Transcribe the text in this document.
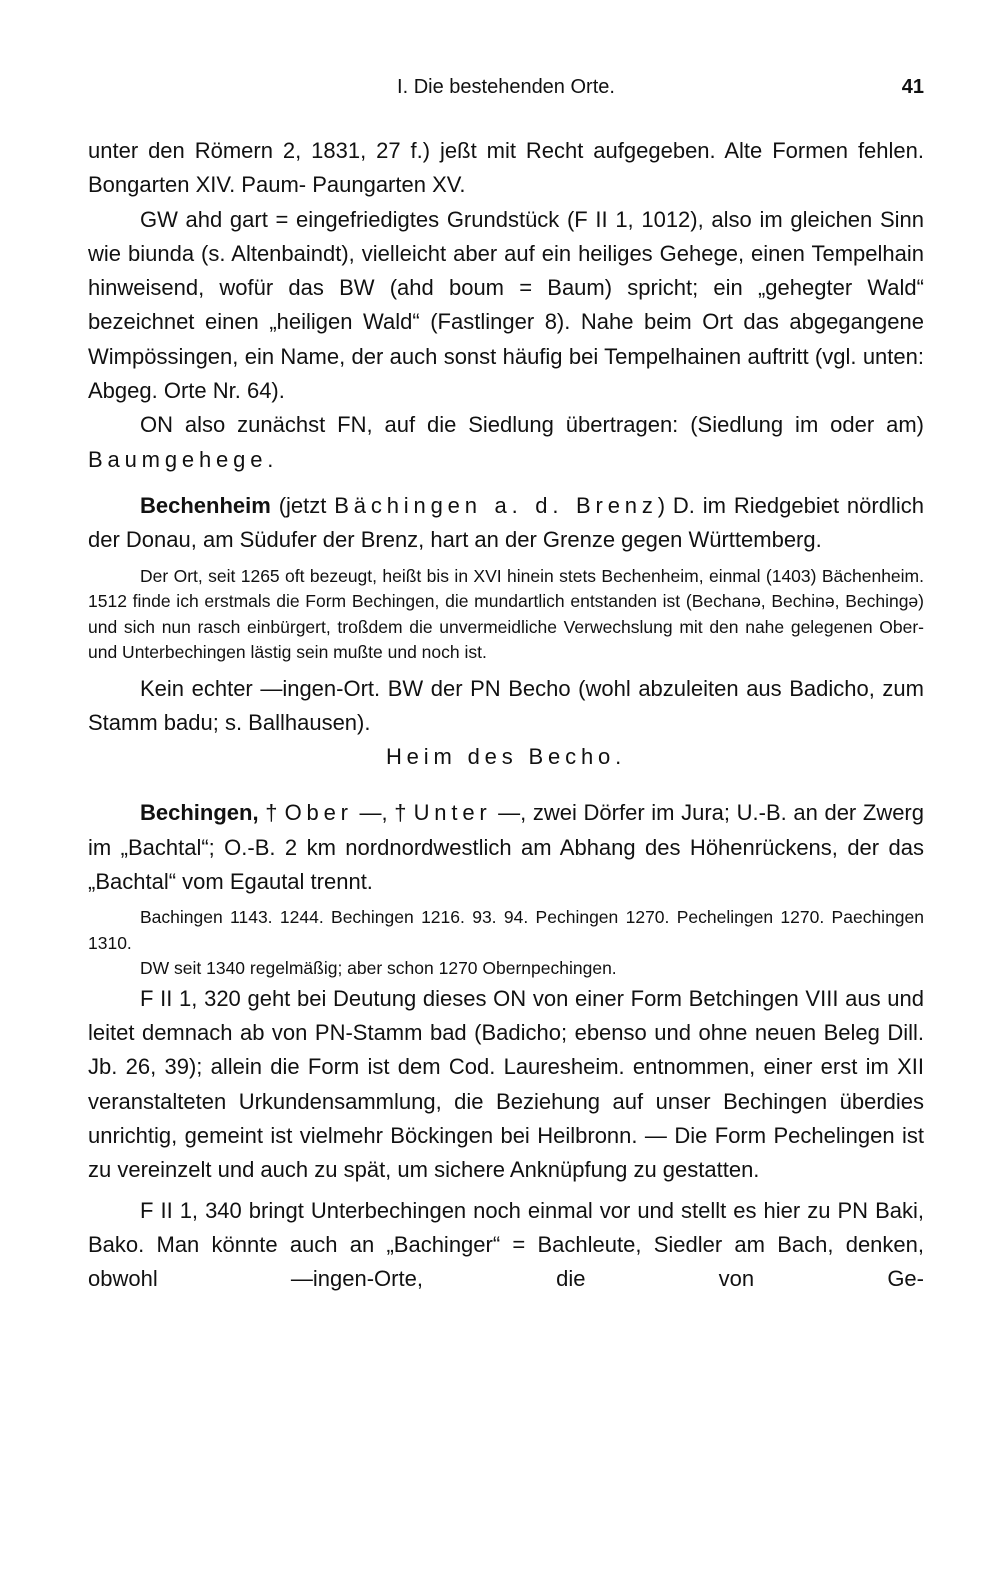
I. Die bestehenden Orte.	41

unter den Römern 2, 1831, 27 f.) jeßt mit Recht aufgegeben. Alte Formen fehlen. Bongarten XIV. Paum- Paungarten XV.

GW ahd gart = eingefriedigtes Grundstück (F II 1, 1012), also im gleichen Sinn wie biunda (s. Altenbaindt), vielleicht aber auf ein heiliges Gehege, einen Tempelhain hinweisend, wofür das BW (ahd boum = Baum) spricht; ein „gehegter Wald“ bezeichnet einen „heiligen Wald“ (Fastlinger 8). Nahe beim Ort das abgegangene Wimpössingen, ein Name, der auch sonst häufig bei Tempelhainen auftritt (vgl. unten: Abgeg. Orte Nr. 64).

ON also zunächst FN, auf die Siedlung übertragen: (Siedlung im oder am) Baumgehege.

Bechenheim (jetzt Bächingen a. d. Brenz) D. im Riedgebiet nördlich der Donau, am Südufer der Brenz, hart an der Grenze gegen Württemberg.

Der Ort, seit 1265 oft bezeugt, heißt bis in XVI hinein stets Bechenheim, einmal (1403) Bächenheim. 1512 finde ich erstmals die Form Bechingen, die mundartlich entstanden ist (Bechanə, Bechinə, Bechingə) und sich nun rasch einbürgert, troßdem die unvermeidliche Verwechslung mit den nahe gelegenen Ober- und Unterbechingen lästig sein mußte und noch ist.

Kein echter —ingen-Ort. BW der PN Becho (wohl abzuleiten aus Badicho, zum Stamm badu; s. Ballhausen).

Heim des Becho.

Bechingen, † Ober —, † Unter —, zwei Dörfer im Jura; U.-B. an der Zwerg im „Bachtal“; O.-B. 2 km nordnordwestlich am Abhang des Höhenrückens, der das „Bachtal“ vom Egautal trennt.

Bachingen 1143. 1244. Bechingen 1216. 93. 94. Pechingen 1270. Pechelingen 1270. Paechingen 1310.

DW seit 1340 regelmäßig; aber schon 1270 Obernpechingen.

F II 1, 320 geht bei Deutung dieses ON von einer Form Betchingen VIII aus und leitet demnach ab von PN-Stamm bad (Badicho; ebenso und ohne neuen Beleg Dill. Jb. 26, 39); allein die Form ist dem Cod. Lauresheim. entnommen, einer erst im XII veranstalteten Urkundensammlung, die Beziehung auf unser Bechingen überdies unrichtig, gemeint ist vielmehr Böckingen bei Heilbronn. — Die Form Pechelingen ist zu vereinzelt und auch zu spät, um sichere Anknüpfung zu gestatten.

F II 1, 340 bringt Unterbechingen noch einmal vor und stellt es hier zu PN Baki, Bako. Man könnte auch an „Bachinger“ = Bachleute, Siedler am Bach, denken, obwohl —ingen-Orte, die von Ge-
